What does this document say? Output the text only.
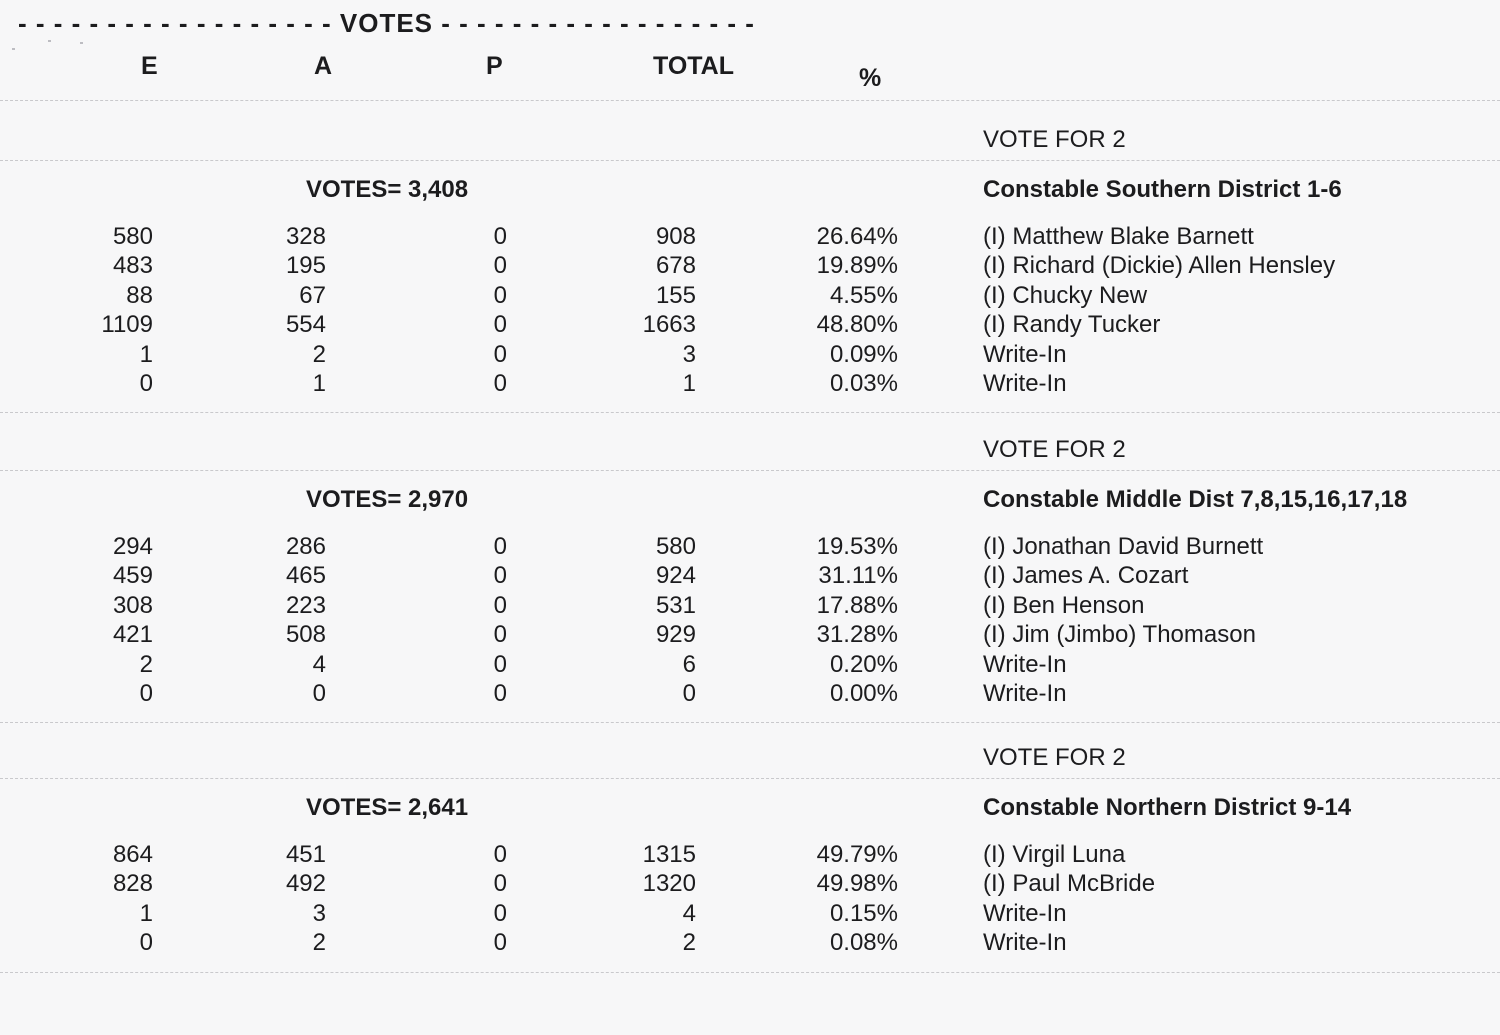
- - - - - - - - - - - - - - - - - - VOTES - - - - - - - - - - - - - - - - - -
E	A	P	TOTAL	%
VOTE FOR 2
VOTES= 3,408	Constable Southern District 1-6
580	328	0	908	26.64%	(I) Matthew Blake Barnett
483	195	0	678	19.89%	(I) Richard (Dickie) Allen Hensley
88	67	0	155	4.55%	(I) Chucky New
1109	554	0	1663	48.80%	(I) Randy Tucker
1	2	0	3	0.09%	Write-In
0	1	0	1	0.03%	Write-In
VOTE FOR 2
VOTES= 2,970	Constable Middle Dist 7,8,15,16,17,18
294	286	0	580	19.53%	(I) Jonathan David Burnett
459	465	0	924	31.11%	(I) James A. Cozart
308	223	0	531	17.88%	(I) Ben Henson
421	508	0	929	31.28%	(I) Jim (Jimbo) Thomason
2	4	0	6	0.20%	Write-In
0	0	0	0	0.00%	Write-In
VOTE FOR 2
VOTES= 2,641	Constable Northern District 9-14
864	451	0	1315	49.79%	(I) Virgil Luna
828	492	0	1320	49.98%	(I) Paul McBride
1	3	0	4	0.15%	Write-In
0	2	0	2	0.08%	Write-In
